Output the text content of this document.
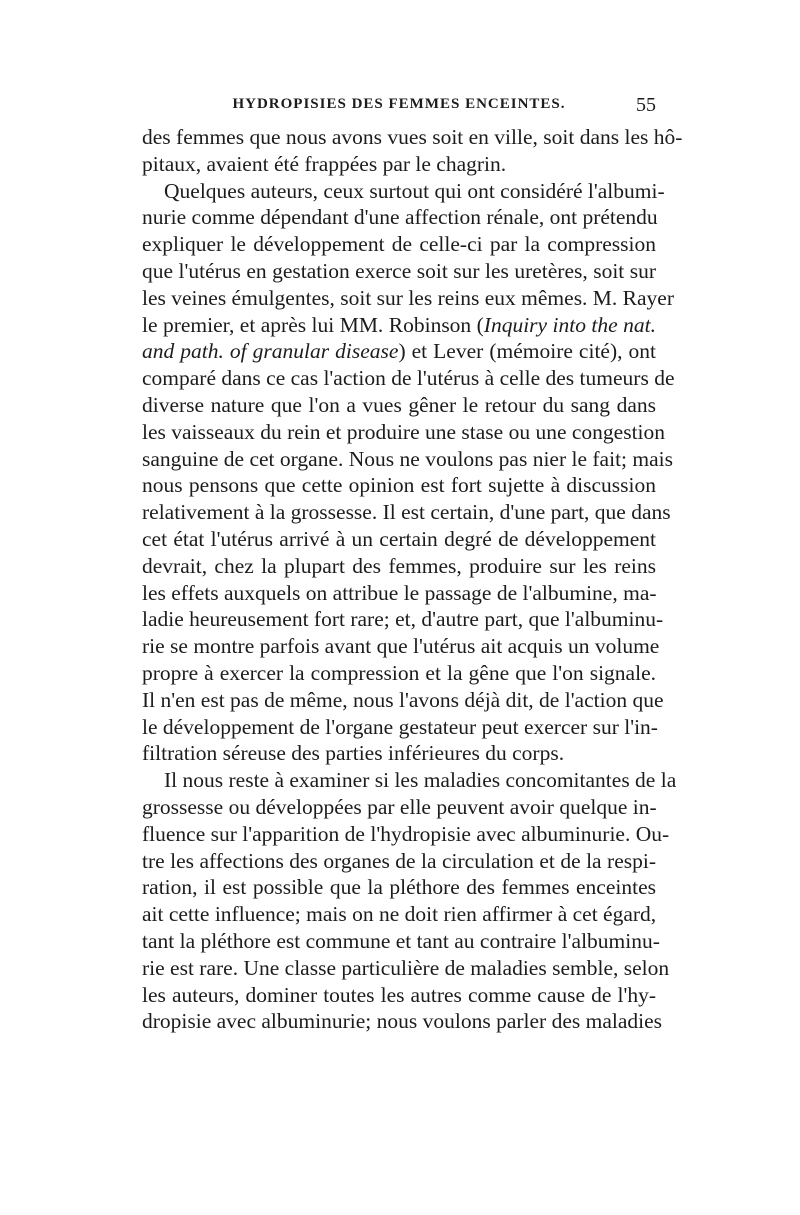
HYDROPISIES DES FEMMES ENCEINTES.	55
des femmes que nous avons vues soit en ville, soit dans les hô-
pitaux, avaient été frappées par le chagrin.
Quelques auteurs, ceux surtout qui ont considéré l'albumi-
nurie comme dépendant d'une affection rénale, ont prétendu
expliquer le développement de celle-ci par la compression
que l'utérus en gestation exerce soit sur les uretères, soit sur
les veines émulgentes, soit sur les reins eux mêmes. M. Rayer
le premier, et après lui MM. Robinson (Inquiry into the nat.
and path. of granular disease) et Lever (mémoire cité), ont
comparé dans ce cas l'action de l'utérus à celle des tumeurs de
diverse nature que l'on a vues gêner le retour du sang dans
les vaisseaux du rein et produire une stase ou une congestion
sanguine de cet organe. Nous ne voulons pas nier le fait; mais
nous pensons que cette opinion est fort sujette à discussion
relativement à la grossesse. Il est certain, d'une part, que dans
cet état l'utérus arrivé à un certain degré de développement
devrait, chez la plupart des femmes, produire sur les reins
les effets auxquels on attribue le passage de l'albumine, ma-
ladie heureusement fort rare; et, d'autre part, que l'albuminu-
rie se montre parfois avant que l'utérus ait acquis un volume
propre à exercer la compression et la gêne que l'on signale.
Il n'en est pas de même, nous l'avons déjà dit, de l'action que
le développement de l'organe gestateur peut exercer sur l'in-
filtration séreuse des parties inférieures du corps.
Il nous reste à examiner si les maladies concomitantes de la
grossesse ou développées par elle peuvent avoir quelque in-
fluence sur l'apparition de l'hydropisie avec albuminurie. Ou-
tre les affections des organes de la circulation et de la respi-
ration, il est possible que la pléthore des femmes enceintes
ait cette influence; mais on ne doit rien affirmer à cet égard,
tant la pléthore est commune et tant au contraire l'albuminu-
rie est rare. Une classe particulière de maladies semble, selon
les auteurs, dominer toutes les autres comme cause de l'hy-
dropisie avec albuminurie; nous voulons parler des maladies
